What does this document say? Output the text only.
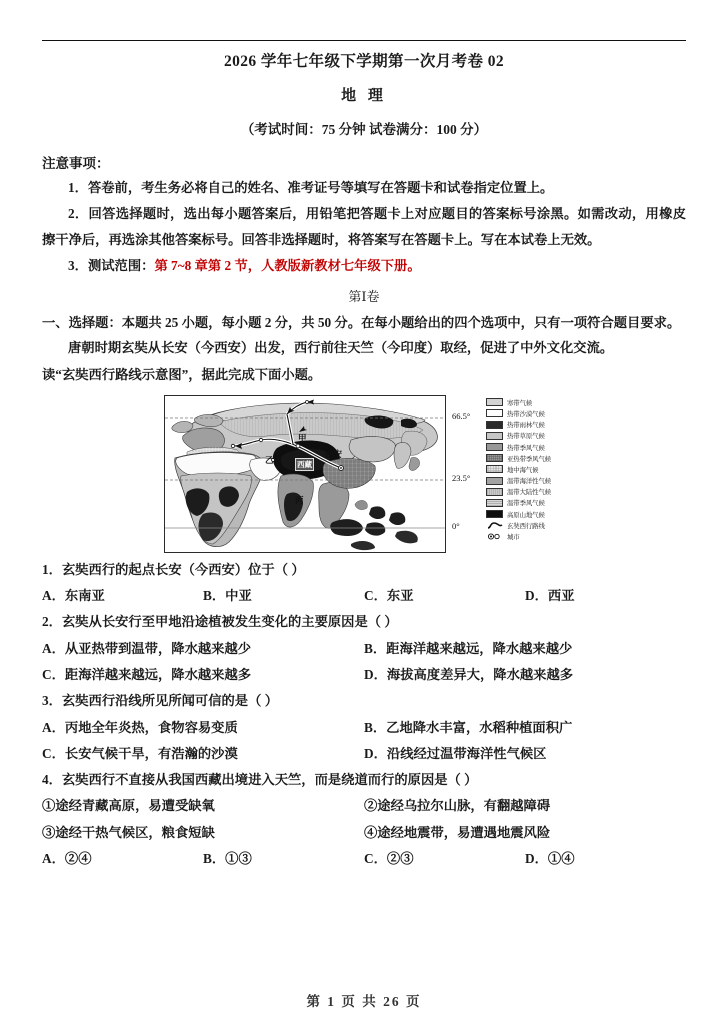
2026 学年七年级下学期第一次月考卷 02
地 理
（考试时间：75 分钟 试卷满分：100 分）
注意事项：
1．答卷前，考生务必将自己的姓名、准考证号等填写在答题卡和试卷指定位置上。
2．回答选择题时，选出每小题答案后，用铅笔把答题卡上对应题目的答案标号涂黑。如需改动，用橡皮擦干净后，再选涂其他答案标号。回答非选择题时，将答案写在答题卡上。写在本试卷上无效。
3．测试范围：第 7~8 章第 2 节，人教版新教材七年级下册。
第Ⅰ卷
一、选择题：本题共 25 小题，每小题 2 分，共 50 分。在每小题给出的四个选项中，只有一项符合题目要求。
唐朝时期玄奘从长安（今西安）出发，西行前往天竺（今印度）取经，促进了中外文化交流。
读“玄奘西行路线示意图”，据此完成下面小题。
甲
乙
丙
西藏
西安
66.5°
23.5°
0°
寒带气候
热带沙漠气候
热带雨林气候
热带草原气候
热带季风气候
亚热带季风气候
地中海气候
温带海洋性气候
温带大陆性气候
温带季风气候
高原山地气候
玄奘西行路线
城市
1．玄奘西行的起点长安（今西安）位于（ ）
A．东南亚	B．中亚	C．东亚	D．西亚
2．玄奘从长安行至甲地沿途植被发生变化的主要原因是（ ）
A．从亚热带到温带，降水越来越少	B．距海洋越来越远，降水越来越少
C．距海洋越来越远，降水越来越多	D．海拔高度差异大，降水越来越多
3．玄奘西行沿线所见所闻可信的是（ ）
A．丙地全年炎热，食物容易变质	B．乙地降水丰富，水稻种植面积广
C．长安气候干旱，有浩瀚的沙漠	D．沿线经过温带海洋性气候区
4．玄奘西行不直接从我国西藏出境进入天竺，而是绕道而行的原因是（ ）
①途经青藏高原，易遭受缺氧	②途经乌拉尔山脉，有翻越障碍
③途经干热气候区，粮食短缺	④途经地震带，易遭遇地震风险
A．②④	B．①③	C．②③	D．①④
第 1 页 共 26 页
